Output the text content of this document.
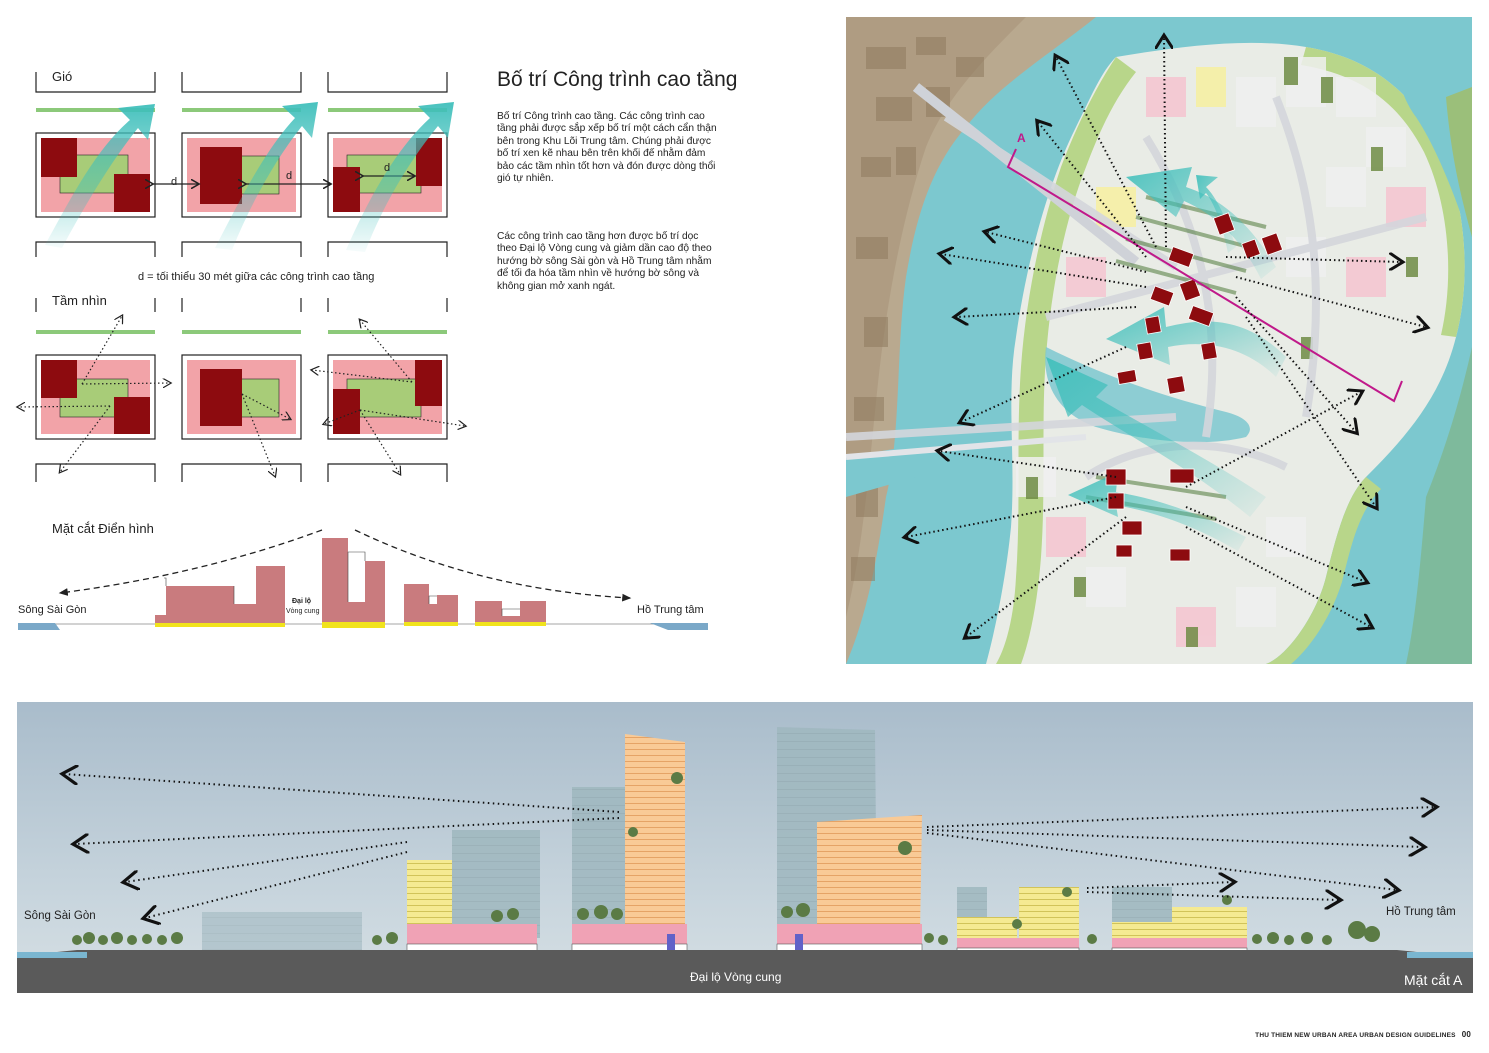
Gió
d	d
d
d = tối thiểu 30 mét giữa các công trình cao tầng
Tầm nhìn
Mặt cắt Điển hình
Sông Sài Gòn	Hồ Trung tâm
Đại lộ
Vòng cung
Bố trí Công trình cao tầng
Bố trí Công trình cao tầng. Các công trình cao tầng phải được sắp xếp bố trí một cách cẩn thận bên trong Khu Lõi Trung tâm. Chúng phải được bố trí xen kẽ nhau bên trên khối đế nhằm đảm bảo các tầm nhìn tốt hơn và đón được dòng thổi gió tự nhiên.
Các công trình cao tầng hơn được bố trí dọc theo Đại lộ Vòng cung và giảm dần cao độ theo hướng bờ sông Sài gòn và Hồ Trung tâm nhằm để tối đa hóa tầm nhìn về hướng bờ sông và không gian mở xanh ngát.
A
Sông Sài Gòn	Hồ Trung tâm
Đại lộ Vòng cung	Mặt cắt A
THU THIEM NEW URBAN AREA URBAN DESIGN GUIDELINES 00
